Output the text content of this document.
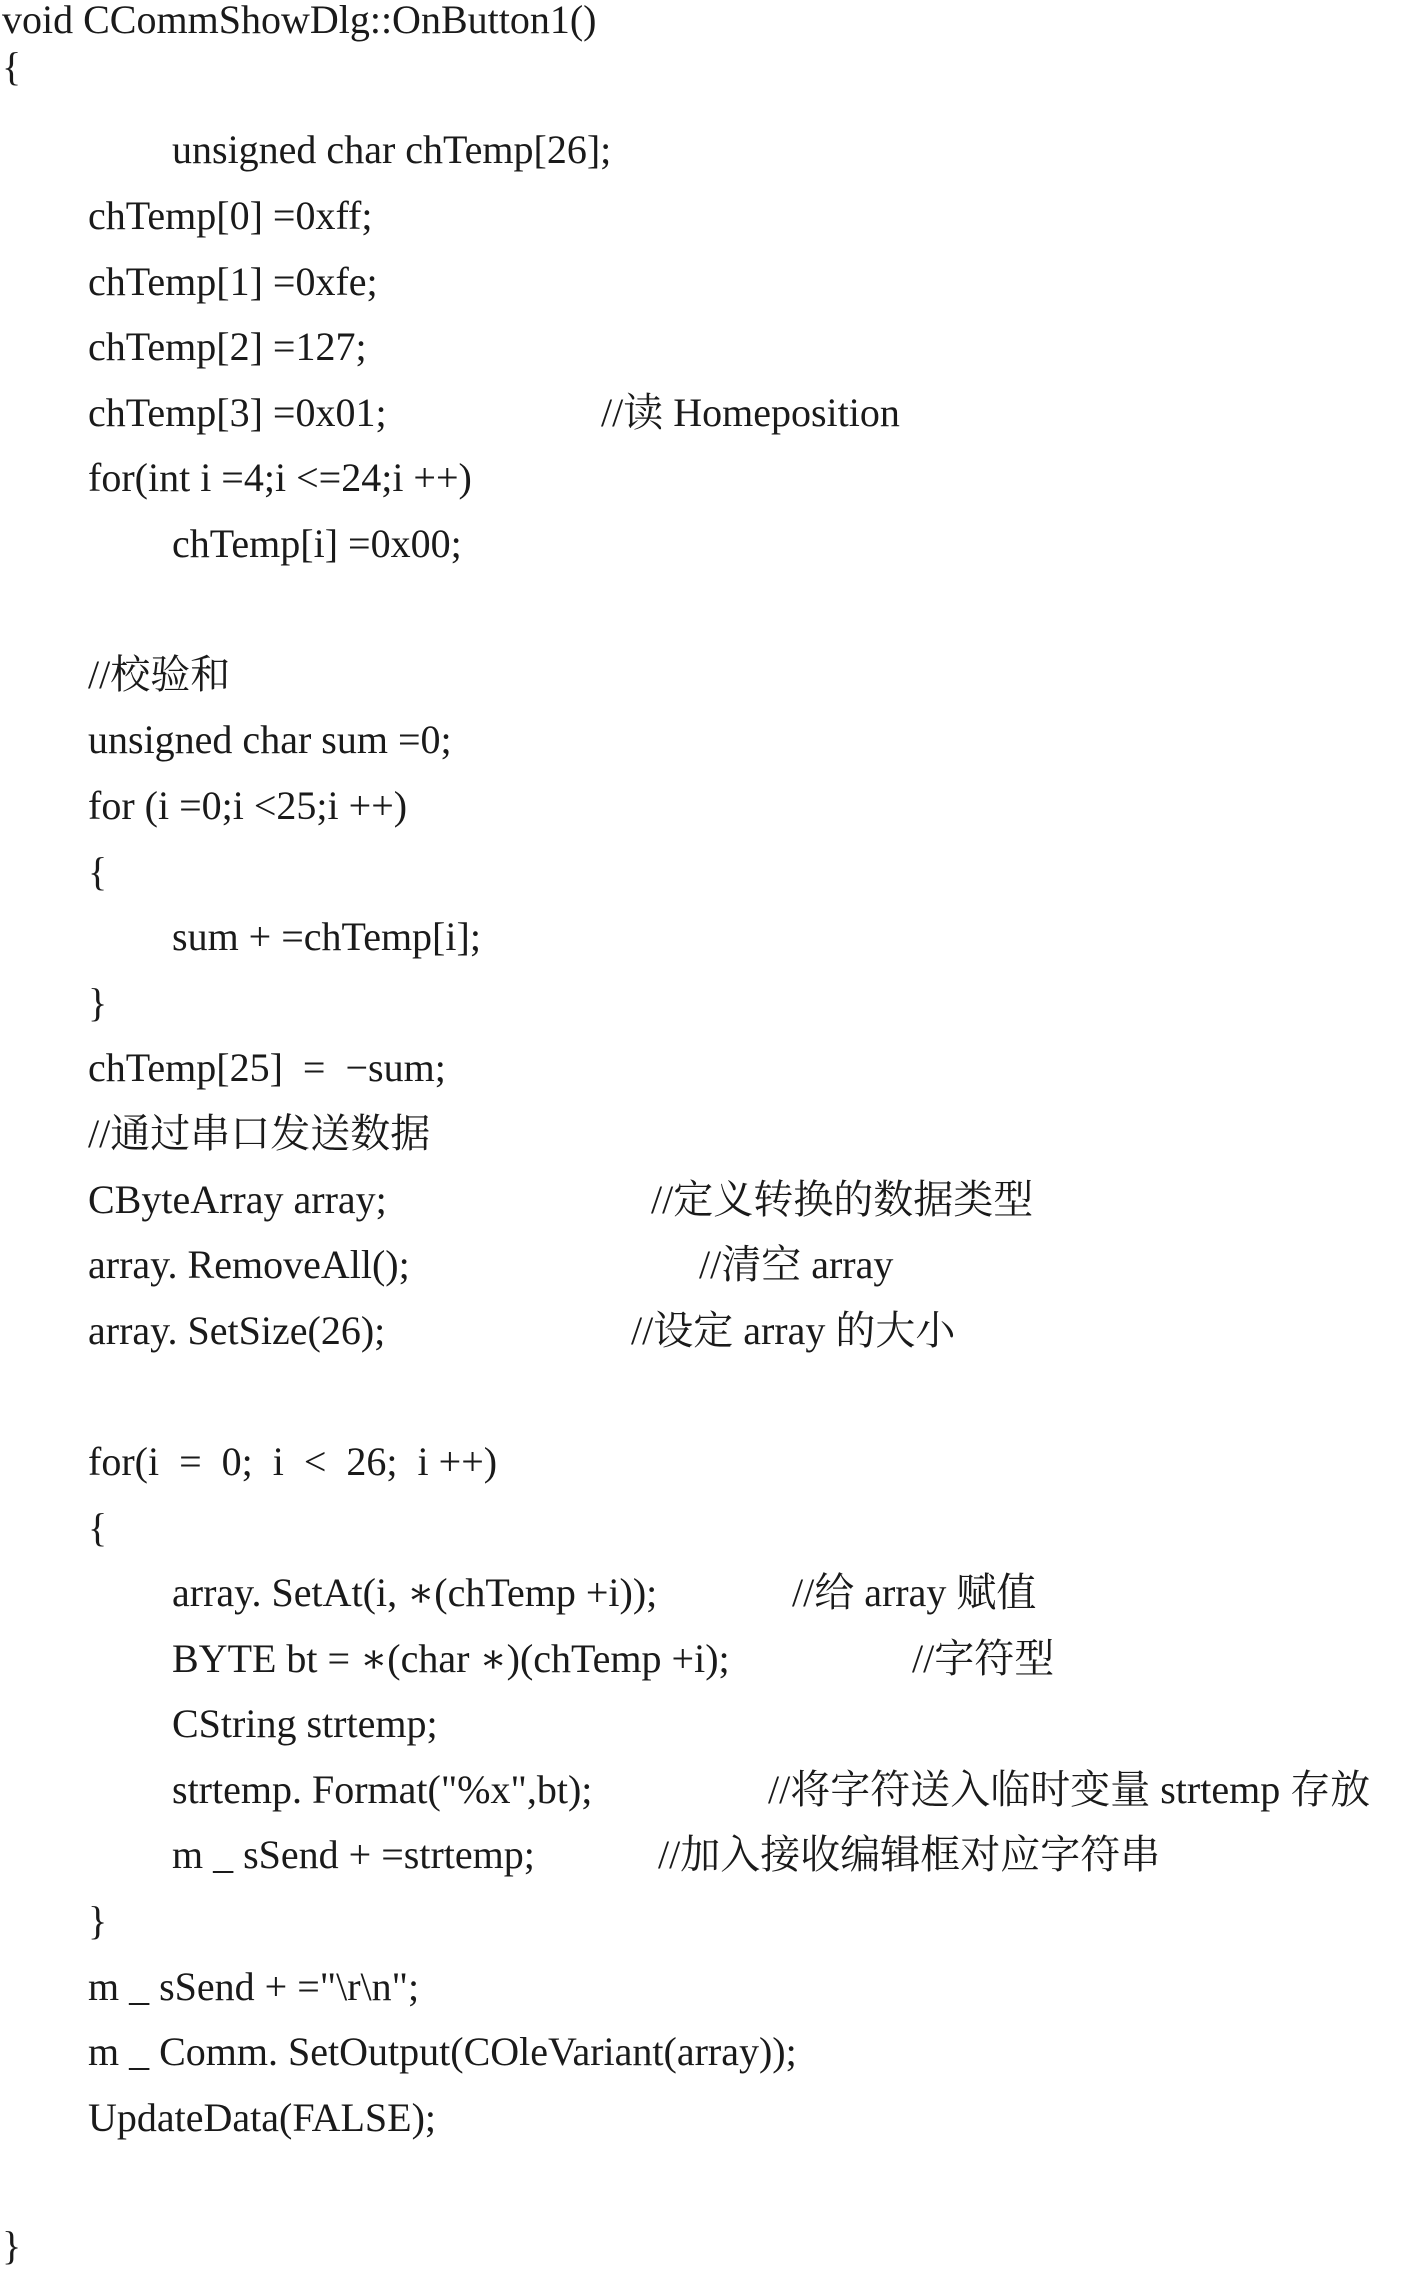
void CCommShowDlg::OnButton1()
{
unsigned char chTemp[26];
chTemp[0] =0xff;
chTemp[1] =0xfe;
chTemp[2] =127;
chTemp[3] =0x01;	//读 Homeposition
for(int i =4;i <=24;i ++)
chTemp[i] =0x00;
//校验和
unsigned char sum =0;
for (i =0;i <25;i ++)
{
sum + =chTemp[i];
}
chTemp[25]  =  −sum;
//通过串口发送数据
CByteArray array;	//定义转换的数据类型
array. RemoveAll();	//清空 array
array. SetSize(26);	//设定 array 的大小
for(i  =  0;  i  <  26;  i ++)
{
array. SetAt(i, ∗(chTemp +i));	//给 array 赋值
BYTE bt = ∗(char ∗)(chTemp +i);	//字符型
CString strtemp;
strtemp. Format("%x",bt);	//将字符送入临时变量 strtemp 存放
m _ sSend + =strtemp;	//加入接收编辑框对应字符串
}
m _ sSend + ="\r\n";
m _ Comm. SetOutput(COleVariant(array));
UpdateData(FALSE);
}
